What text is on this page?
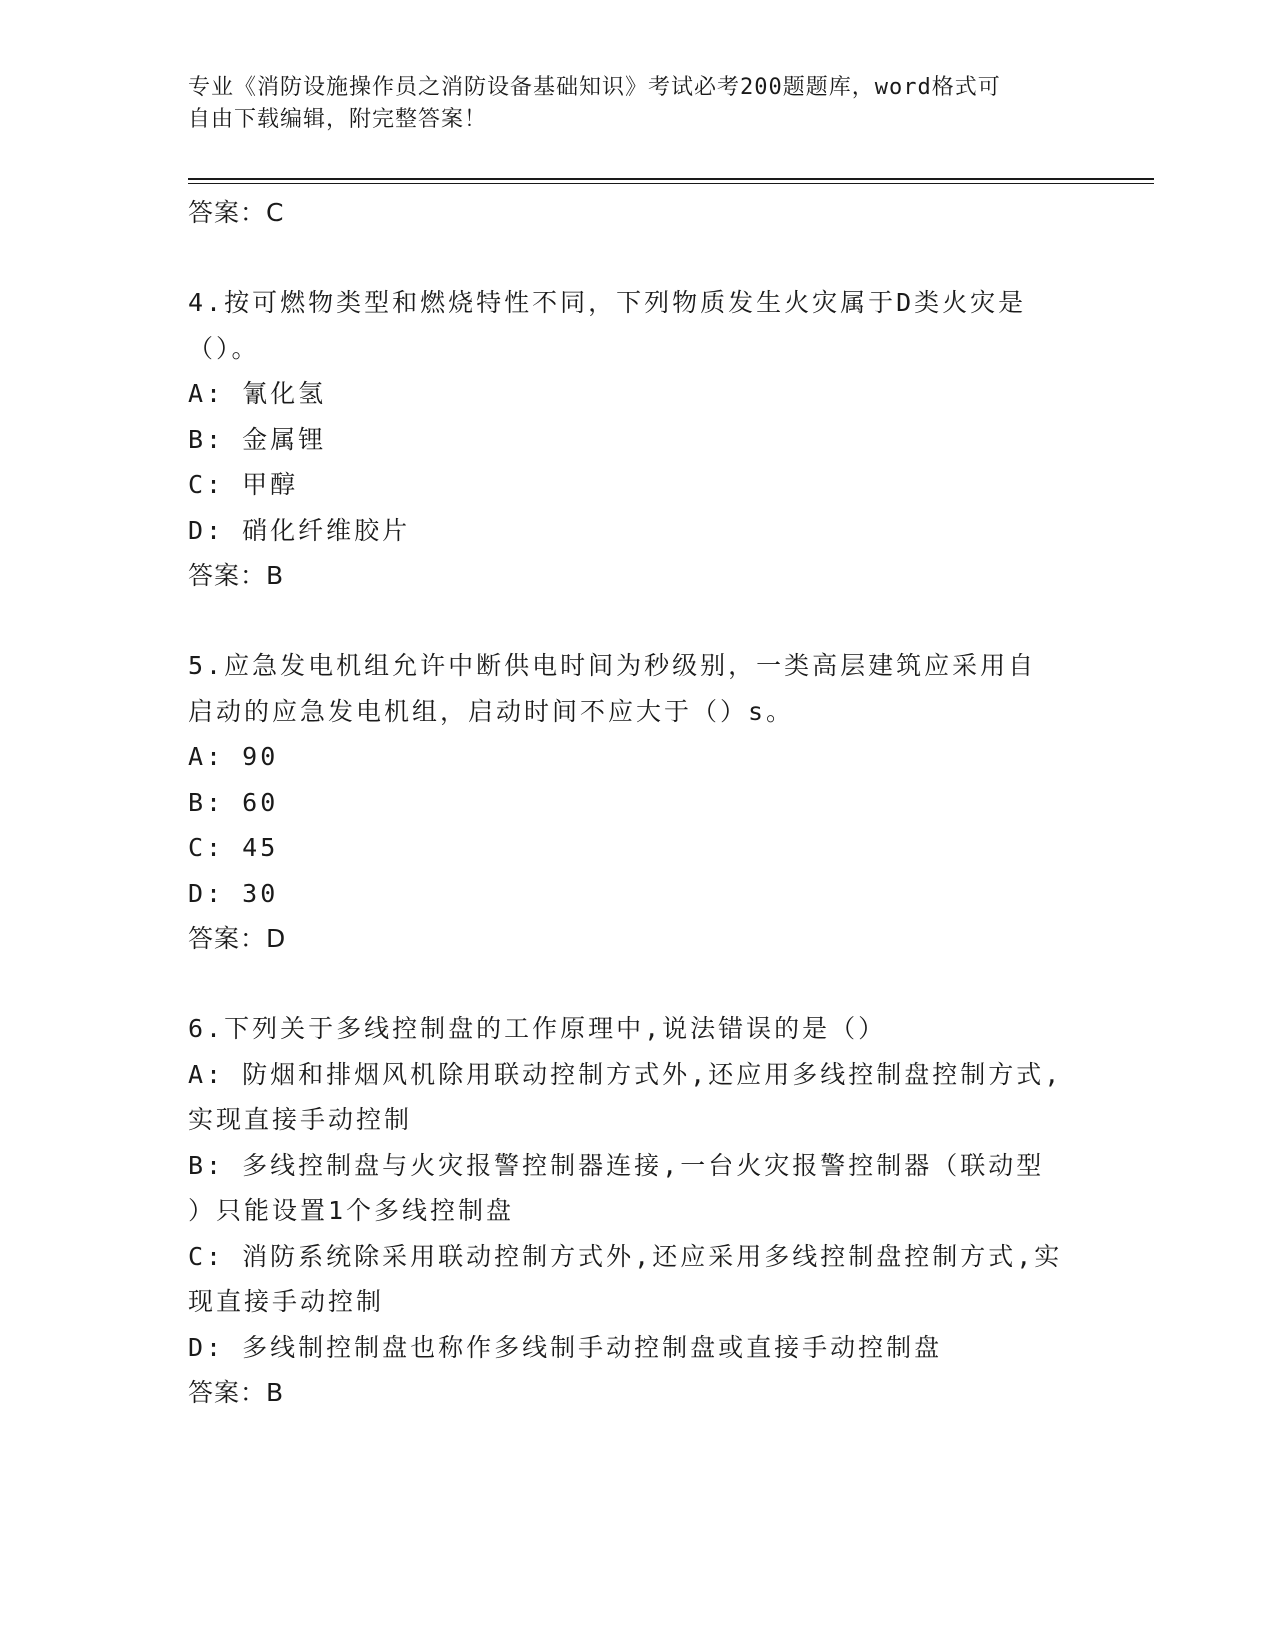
专业《消防设施操作员之消防设备基础知识》考试必考200题题库，word格式可
自由下载编辑，附完整答案！
答案：C
4.按可燃物类型和燃烧特性不同，下列物质发生火灾属于D类火灾是
（）。
A: 氰化氢
B: 金属锂
C: 甲醇
D: 硝化纤维胶片
答案：B
5.应急发电机组允许中断供电时间为秒级别，一类高层建筑应采用自
启动的应急发电机组，启动时间不应大于（）s。
A: 90
B: 60
C: 45
D: 30
答案：D
6.下列关于多线控制盘的工作原理中,说法错误的是（）
A: 防烟和排烟风机除用联动控制方式外,还应用多线控制盘控制方式,
实现直接手动控制
B: 多线控制盘与火灾报警控制器连接,一台火灾报警控制器（联动型
）只能设置1个多线控制盘
C: 消防系统除采用联动控制方式外,还应采用多线控制盘控制方式,实
现直接手动控制
D: 多线制控制盘也称作多线制手动控制盘或直接手动控制盘
答案：B
